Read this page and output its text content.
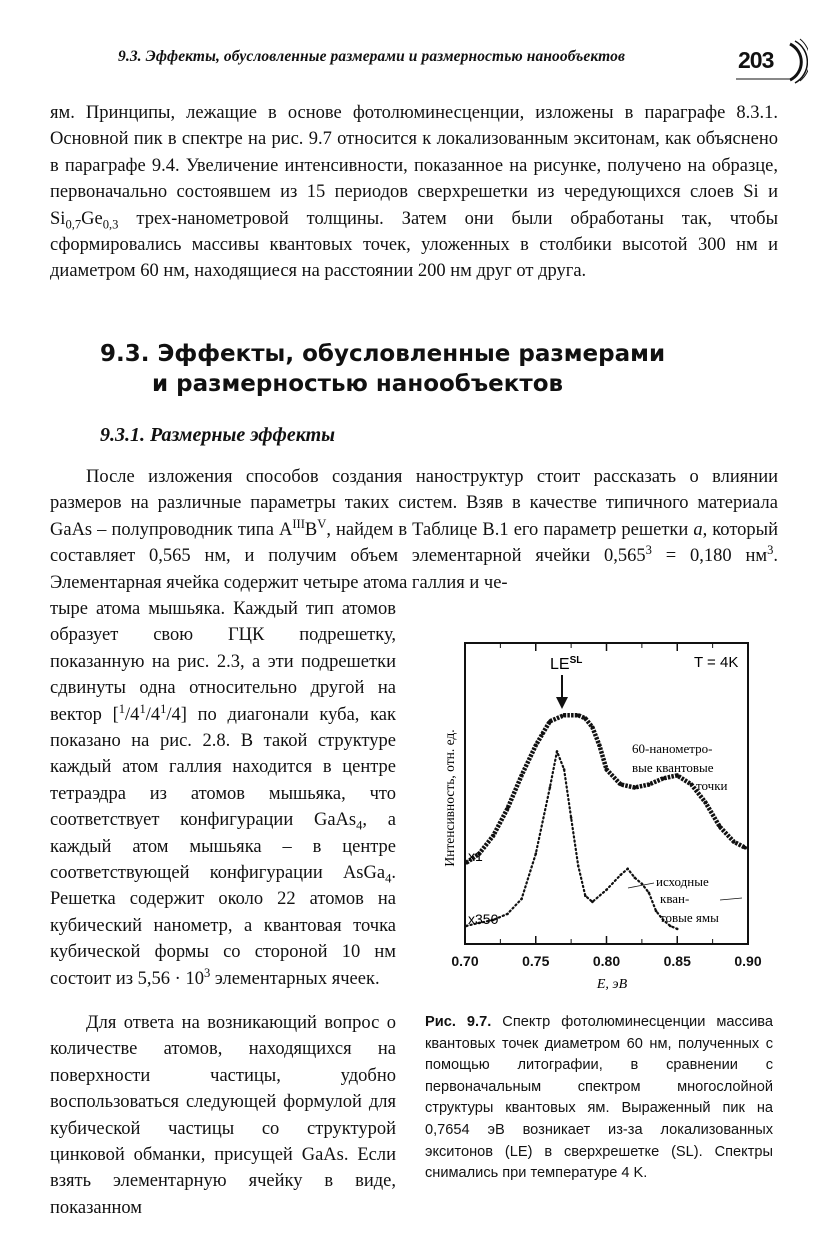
9.3. Эффекты, обусловленные размерами и размерностью нанообъектов	203

ям. Принципы, лежащие в основе фотолюминесценции, изложены в параграфе 8.3.1. Основной пик в спектре на рис. 9.7 относится к локализованным экситонам, как объяснено в параграфе 9.4. Увеличение интенсивности, показанное на рисунке, получено на образце, первоначально состоявшем из 15 периодов сверхрешетки из чередующихся слоев Si и $Si_{0,7}Ge_{0,3}$ трех-нанометровой толщины. Затем они были обработаны так, чтобы сформировались массивы квантовых точек, уложенных в столбики высотой 300 нм и диаметром 60 нм, находящиеся на расстоянии 200 нм друг от друга.

9.3. Эффекты, обусловленные размерами
и размерностью нанообъектов
9.3.1. Размерные эффекты

После изложения способов создания наноструктур стоит рассказать о влиянии размеров на различные параметры таких систем. Взяв в качестве типичного материала GaAs – полупроводник типа $A^{III}B^V$, найдем в Таблице B.1 его параметр решетки a, который составляет 0,565 нм, и получим объем элементарной ячейки $0,565^3 = 0,180$ $нм^3$. Элементарная ячейка содержит четыре атома галлия и че-

тыре атома мышьяка. Каждый тип атомов образует свою ГЦК подрешетку, показанную на рис. 2.3, а эти подрешетки сдвинуты одна относительно другой на вектор $[^1/4^1/4^1/4]$ по диагонали куба, как показано на рис. 2.8. В такой структуре каждый атом галлия находится в центре тетраэдра из атомов мышьяка, что соответствует конфигурации GaAs$_4$, а каждый атом мышьяка – в центре соответствующей конфигурации AsGa$_4$. Решетка содержит около 22 атомов на кубический нанометр, а квантовая точка кубической формы со стороной 10 нм состоит из $5,56 \cdot 10^3$ элементарных ячеек.

Для ответа на возникающий вопрос о количестве атомов, находящихся на поверхности частицы, удобно воспользоваться следующей формулой для кубической частицы со структурой цинковой обманки, присущей GaAs. Если взять элементарную ячейку в виде, показанном

0.70	0.75	0.80	0.85	0.90
$LE^{SL}$	T = 4K
60-нанометро-
вые квантовые
точки
исходные
кван-
товые ямы
x1
x350
Интенсивность, отн. ед.
E, эВ

Рис. 9.7. Спектр фотолюминесценции массива квантовых точек диаметром 60 нм, полученных с помощью литографии, в сравнении с первоначальным спектром многослойной структуры квантовых ям. Выраженный пик на 0,7654 эВ возникает из-за локализованных экситонов (LE) в сверхрешетке (SL). Спектры снимались при температуре 4 K.
